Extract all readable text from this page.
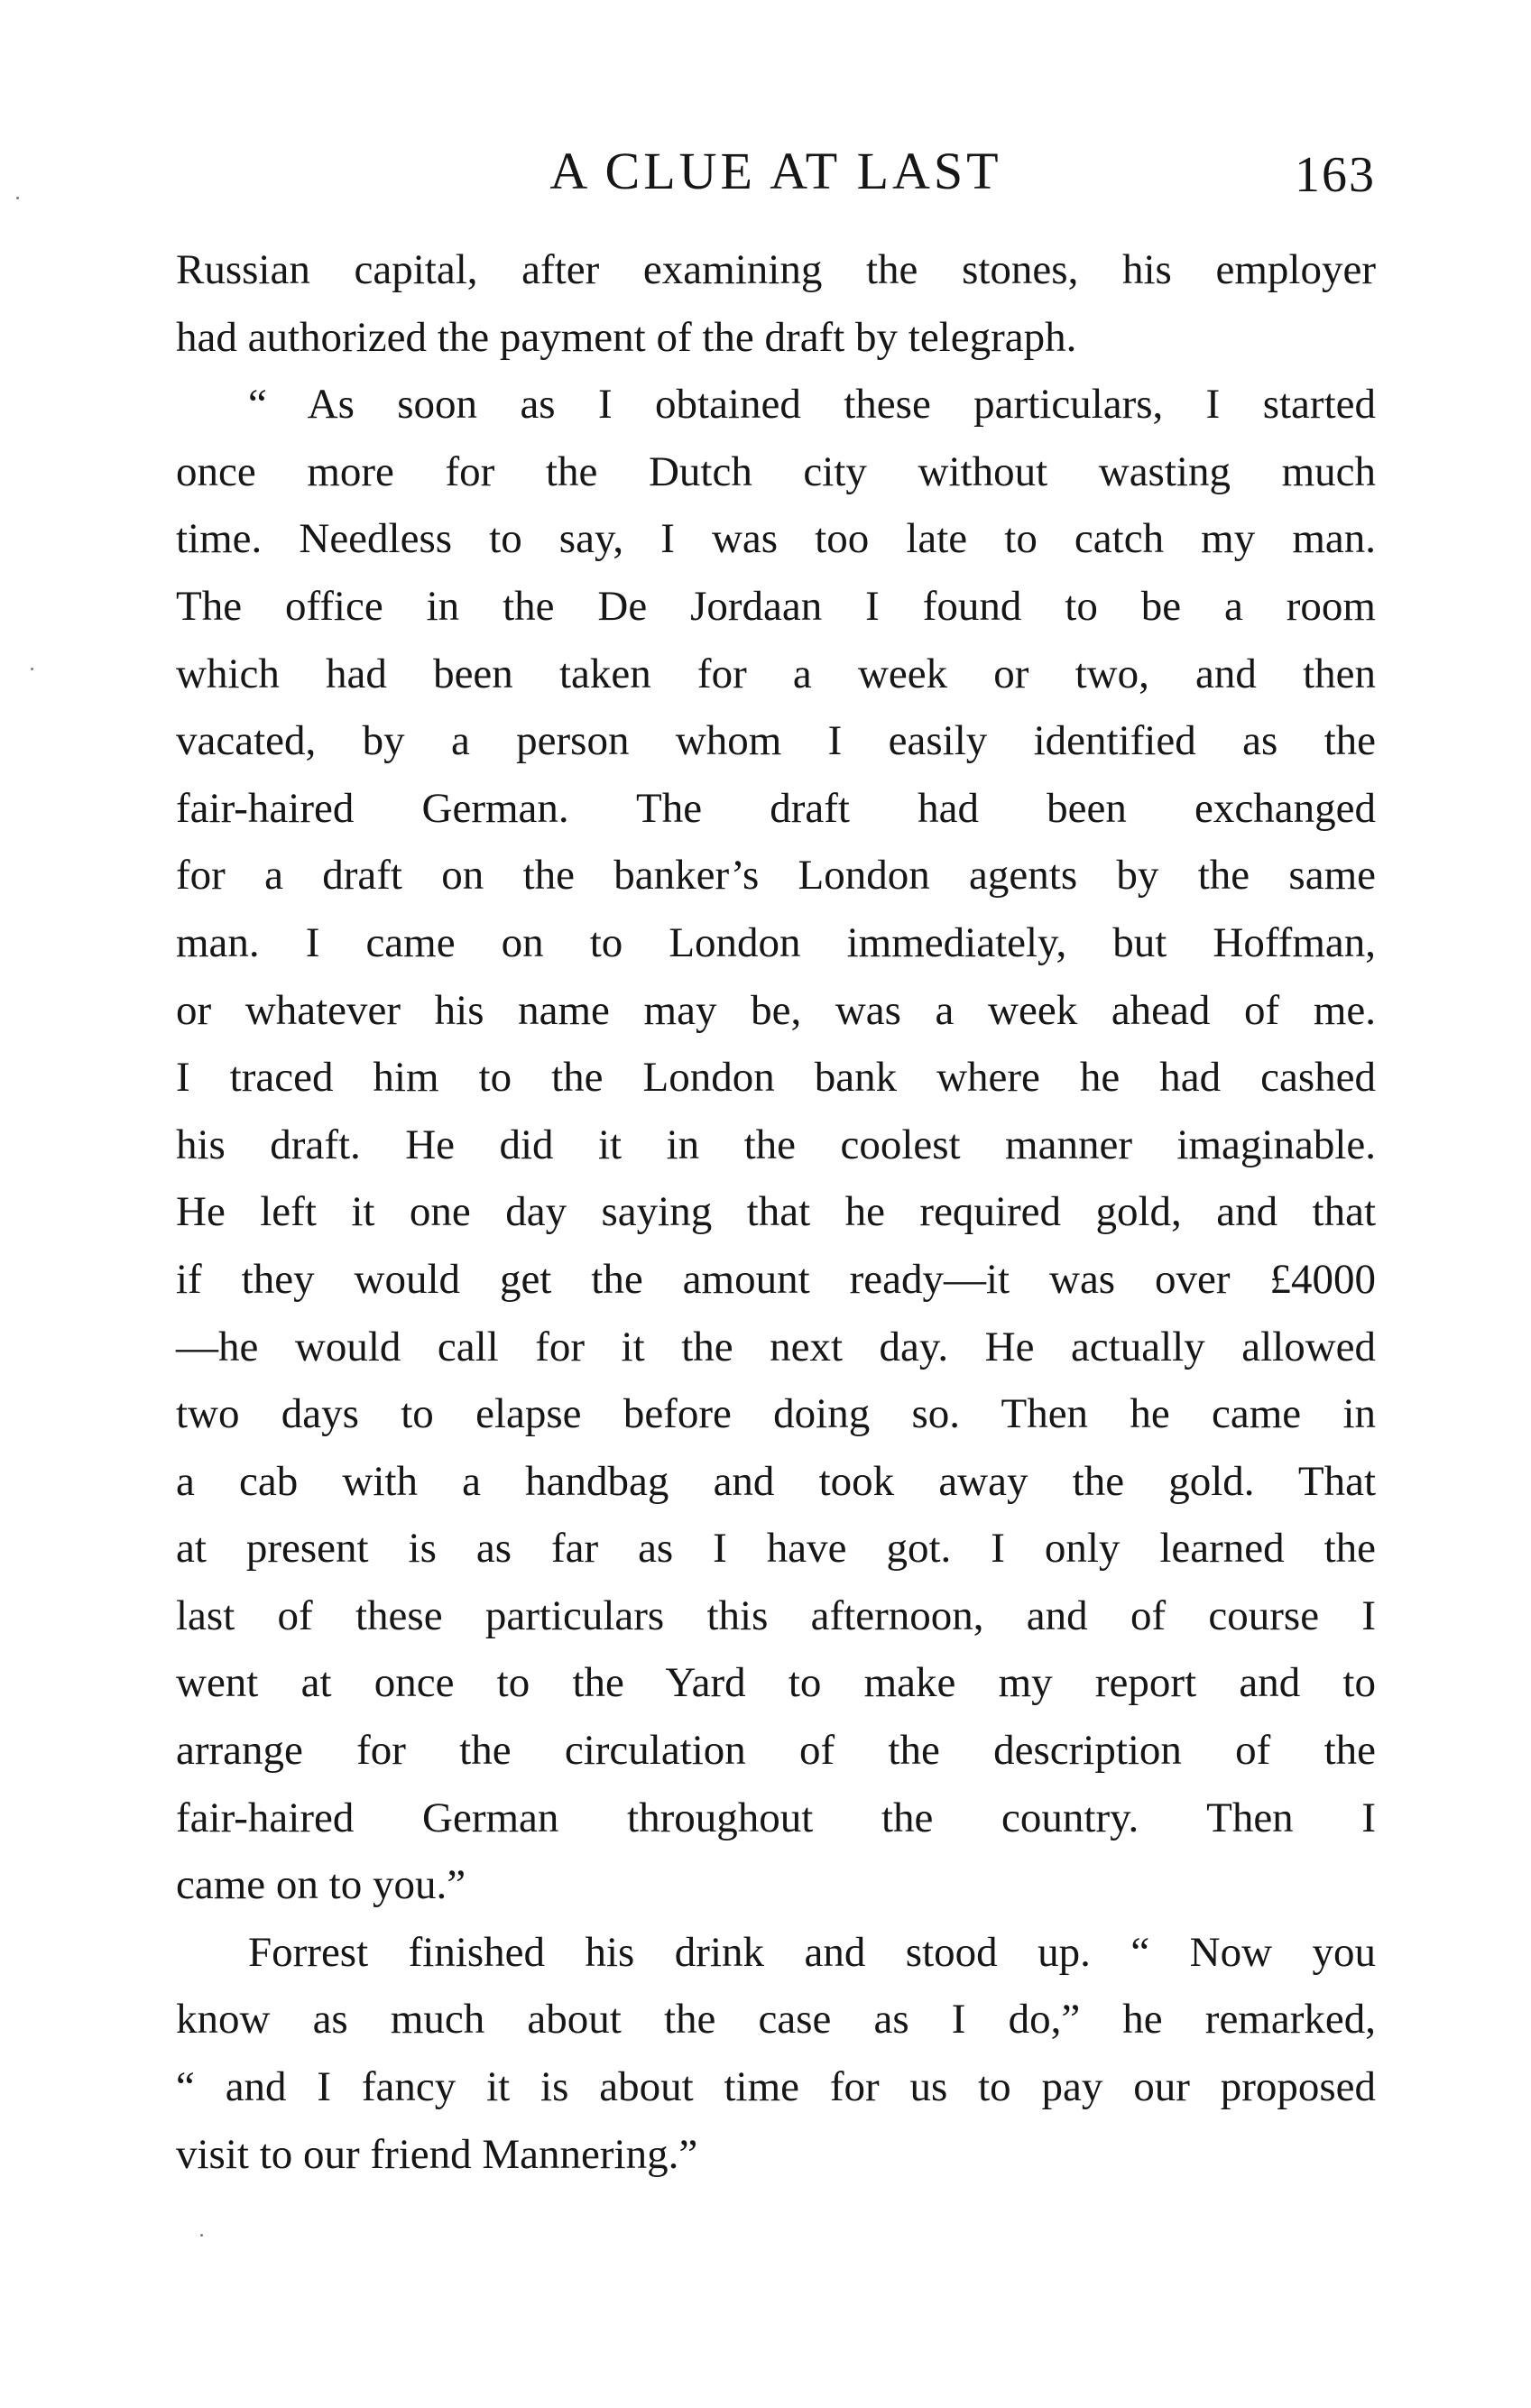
A CLUE AT LAST	163
Russian capital, after examining the stones, his employer
had authorized the payment of the draft by telegraph.
“ As soon as I obtained these particulars, I started
once more for the Dutch city without wasting much
time. Needless to say, I was too late to catch my man.
The office in the De Jordaan I found to be a room
which had been taken for a week or two, and then
vacated, by a person whom I easily identified as the
fair-haired German. The draft had been exchanged
for a draft on the banker’s London agents by the same
man. I came on to London immediately, but Hoffman,
or whatever his name may be, was a week ahead of me.
I traced him to the London bank where he had cashed
his draft. He did it in the coolest manner imaginable.
He left it one day saying that he required gold, and that
if they would get the amount ready—it was over £4000
—he would call for it the next day. He actually allowed
two days to elapse before doing so. Then he came in
a cab with a handbag and took away the gold. That
at present is as far as I have got. I only learned the
last of these particulars this afternoon, and of course I
went at once to the Yard to make my report and to
arrange for the circulation of the description of the
fair-haired German throughout the country. Then I
came on to you.”
Forrest finished his drink and stood up. “ Now you
know as much about the case as I do,” he remarked,
“ and I fancy it is about time for us to pay our proposed
visit to our friend Mannering.”
